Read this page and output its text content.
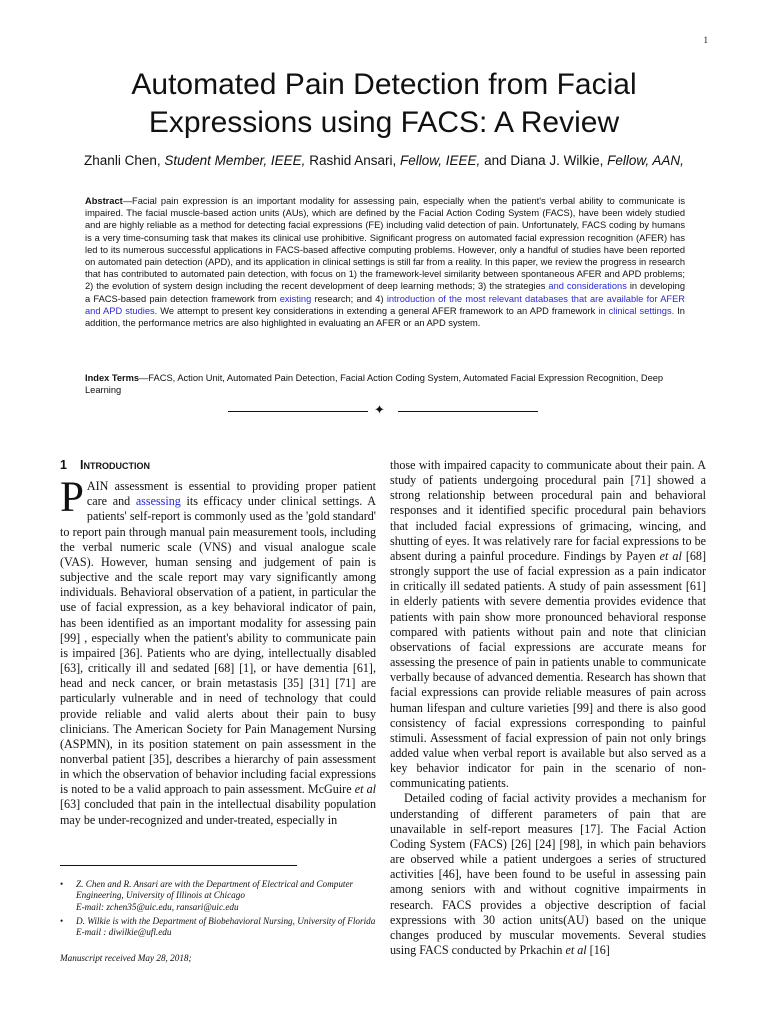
1
Automated Pain Detection from Facial
Expressions using FACS: A Review
Zhanli Chen, Student Member, IEEE, Rashid Ansari, Fellow, IEEE, and Diana J. Wilkie, Fellow, AAN,
Abstract—Facial pain expression is an important modality for assessing pain, especially when the patient's verbal ability to communicate is impaired. The facial muscle-based action units (AUs), which are defined by the Facial Action Coding System (FACS), have been widely studied and are highly reliable as a method for detecting facial expressions (FE) including valid detection of pain. Unfortunately, FACS coding by humans is a very time-consuming task that makes its clinical use prohibitive. Significant progress on automated facial expression recognition (AFER) has led to its numerous successful applications in FACS-based affective computing problems. However, only a handful of studies have been reported on automated pain detection (APD), and its application in clinical settings is still far from a reality. In this paper, we review the progress in research that has contributed to automated pain detection, with focus on 1) the framework-level similarity between spontaneous AFER and APD problems; 2) the evolution of system design including the recent development of deep learning methods; 3) the strategies and considerations in developing a FACS-based pain detection framework from existing research; and 4) introduction of the most relevant databases that are available for AFER and APD studies. We attempt to present key considerations in extending a general AFER framework to an APD framework in clinical settings. In addition, the performance metrics are also highlighted in evaluating an AFER or an APD system.
Index Terms—FACS, Action Unit, Automated Pain Detection, Facial Action Coding System, Automated Facial Expression Recognition, Deep Learning
✦
1 Introduction

PAIN assessment is essential to providing proper patient care and assessing its efficacy under clinical settings. A patients' self-report is commonly used as the 'gold standard' to report pain through manual pain measurement tools, including the verbal numeric scale (VNS) and visual analogue scale (VAS). However, human sensing and judgement of pain is subjective and the scale report may vary significantly among individuals. Behavioral observation of a patient, in particular the use of facial expression, as a key behavioral indicator of pain, has been identified as an important modality for assessing pain [99] , especially when the patient's ability to communicate pain is impaired [36]. Patients who are dying, intellectually disabled [63], critically ill and sedated [68] [1], or have dementia [61], head and neck cancer, or brain metastasis [35] [31] [71] are particularly vulnerable and in need of technology that could provide reliable and valid alerts about their pain to busy clinicians. The American Society for Pain Management Nursing (ASPMN), in its position statement on pain assessment in the nonverbal patient [35], describes a hierarchy of pain assessment in which the observation of behavior including facial expressions is noted to be a valid approach to pain assessment. McGuire et al [63] concluded that pain in the intellectual disability population may be under-recognized and under-treated, especially in

those with impaired capacity to communicate about their pain. A study of patients undergoing procedural pain [71] showed a strong relationship between procedural pain and behavioral responses and it identified specific procedural pain behaviors that included facial expressions of grimacing, wincing, and shutting of eyes. It was relatively rare for facial expressions to be absent during a painful procedure. Findings by Payen et al [68] strongly support the use of facial expression as a pain indicator in critically ill sedated patients. A study of pain assessment [61] in elderly patients with severe dementia provides evidence that patients with pain show more pronounced behavioral response compared with patients without pain and note that clinician observations of facial expressions are accurate means for assessing the presence of pain in patients unable to communicate verbally because of advanced dementia. Research has shown that facial expressions can provide reliable measures of pain across human lifespan and culture varieties [99] and there is also good consistency of facial expressions corresponding to painful stimuli. Assessment of facial expression of pain not only brings added value when verbal report is available but also served as a key behavior indicator for pain in the scenario of non-communicating patients.

Detailed coding of facial activity provides a mechanism for understanding of different parameters of pain that are unavailable in self-report measures [17]. The Facial Action Coding System (FACS) [26] [24] [98], in which pain behaviors are observed while a patient undergoes a series of structured activities [46], have been found to be useful in assessing pain among seniors with and without cognitive impairments in research. FACS provides a objective description of facial expressions with 30 action units(AU) based on the unique changes produced by muscular movements. Several studies using FACS conducted by Prkachin et al [16]

• Z. Chen and R. Ansari are with the Department of Electrical and Computer Engineering, University of Illinois at Chicago
E-mail: zchen35@uic.edu, ransari@uic.edu
• D. Wilkie is with the Department of Biobehavioral Nursing, University of Florida
E-mail : diwilkie@ufl.edu
Manuscript received May 28, 2018;
